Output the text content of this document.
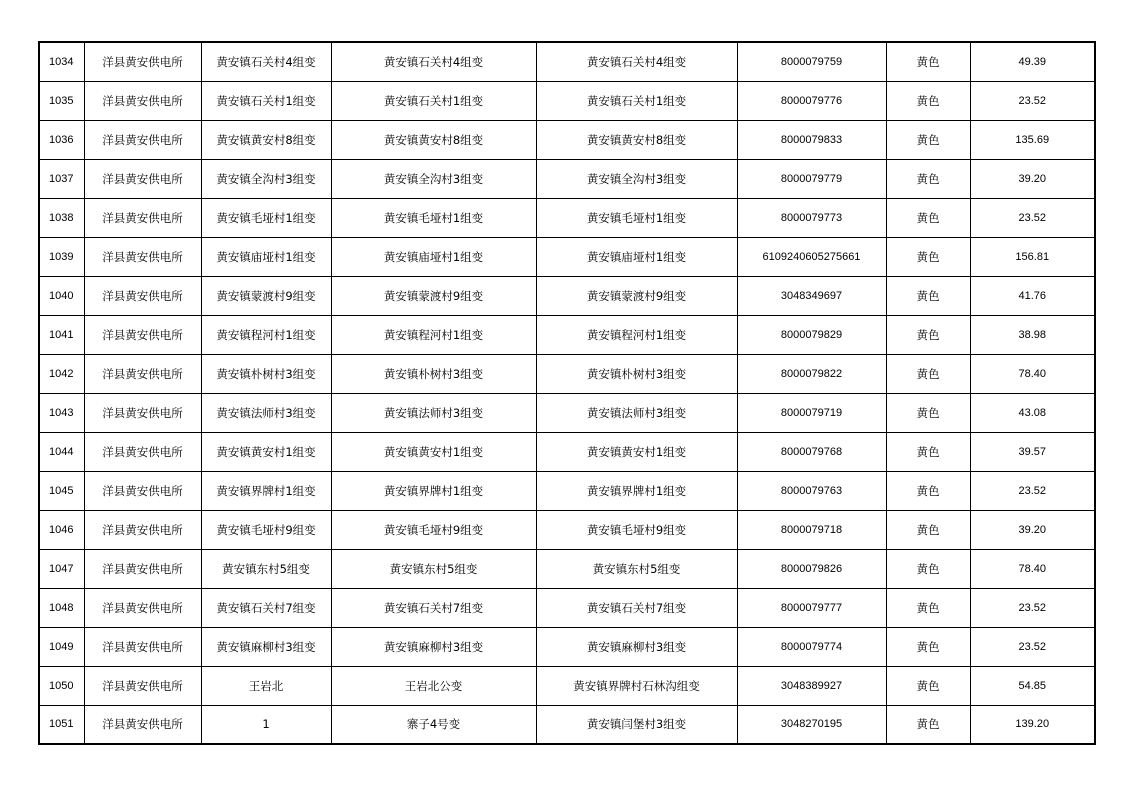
1034	洋县黄安供电所	黄安镇石关村4组变	黄安镇石关村4组变	黄安镇石关村4组变	8000079759	黄色	49.39
1035	洋县黄安供电所	黄安镇石关村1组变	黄安镇石关村1组变	黄安镇石关村1组变	8000079776	黄色	23.52
1036	洋县黄安供电所	黄安镇黄安村8组变	黄安镇黄安村8组变	黄安镇黄安村8组变	8000079833	黄色	135.69
1037	洋县黄安供电所	黄安镇全沟村3组变	黄安镇全沟村3组变	黄安镇全沟村3组变	8000079779	黄色	39.20
1038	洋县黄安供电所	黄安镇毛垭村1组变	黄安镇毛垭村1组变	黄安镇毛垭村1组变	8000079773	黄色	23.52
1039	洋县黄安供电所	黄安镇庙垭村1组变	黄安镇庙垭村1组变	黄安镇庙垭村1组变	6109240605275661	黄色	156.81
1040	洋县黄安供电所	黄安镇蒙渡村9组变	黄安镇蒙渡村9组变	黄安镇蒙渡村9组变	3048349697	黄色	41.76
1041	洋县黄安供电所	黄安镇程河村1组变	黄安镇程河村1组变	黄安镇程河村1组变	8000079829	黄色	38.98
1042	洋县黄安供电所	黄安镇朴树村3组变	黄安镇朴树村3组变	黄安镇朴树村3组变	8000079822	黄色	78.40
1043	洋县黄安供电所	黄安镇法师村3组变	黄安镇法师村3组变	黄安镇法师村3组变	8000079719	黄色	43.08
1044	洋县黄安供电所	黄安镇黄安村1组变	黄安镇黄安村1组变	黄安镇黄安村1组变	8000079768	黄色	39.57
1045	洋县黄安供电所	黄安镇界牌村1组变	黄安镇界牌村1组变	黄安镇界牌村1组变	8000079763	黄色	23.52
1046	洋县黄安供电所	黄安镇毛垭村9组变	黄安镇毛垭村9组变	黄安镇毛垭村9组变	8000079718	黄色	39.20
1047	洋县黄安供电所	黄安镇东村5组变	黄安镇东村5组变	黄安镇东村5组变	8000079826	黄色	78.40
1048	洋县黄安供电所	黄安镇石关村7组变	黄安镇石关村7组变	黄安镇石关村7组变	8000079777	黄色	23.52
1049	洋县黄安供电所	黄安镇麻柳村3组变	黄安镇麻柳村3组变	黄安镇麻柳村3组变	8000079774	黄色	23.52
1050	洋县黄安供电所	王岩北	王岩北公变	黄安镇界牌村石林沟组变	3048389927	黄色	54.85
1051	洋县黄安供电所	1	寨子4号变	黄安镇闫堡村3组变	3048270195	黄色	139.20
